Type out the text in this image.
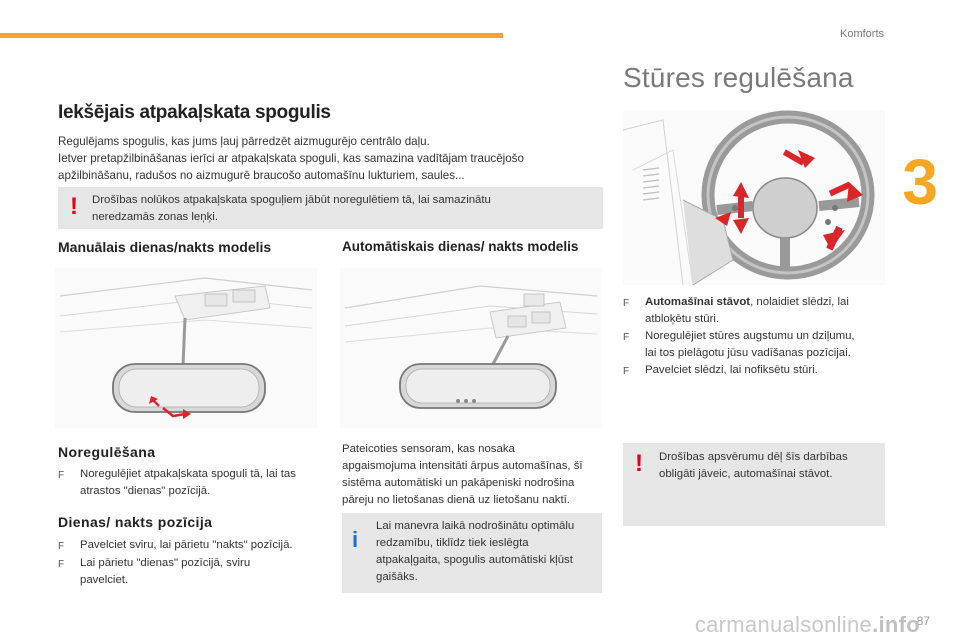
Komforts
3
Iekšējais atpakaļskata spogulis
Regulējams spogulis, kas jums ļauj pārredzēt aizmugurējo centrālo daļu.
Ietver pretapžilbināšanas ierīci ar atpakaļskata spoguli, kas samazina vadītājam traucējošo
apžilbināšanu, radušos no aizmugurē braucošo automašīnu lukturiem, saules...
! Drošības nolūkos atpakaļskata spoguļiem jābūt noregulētiem tā, lai samazinātu
neredzamās zonas leņķi.
Manuālais dienas/nakts modelis	Automātiskais dienas/ nakts modelis
Noregulēšana
F	Noregulējiet atpakaļskata spoguli tā, lai tas
atrastos "dienas" pozīcijā.
Dienas/ nakts pozīcija
F	Pavelciet sviru, lai pārietu "nakts" pozīcijā.
F	Lai pārietu "dienas" pozīcijā, sviru
pavelciet.
Pateicoties sensoram, kas nosaka
apgaismojuma intensitāti ārpus automašīnas, šī
sistēma automātiski un pakāpeniski nodrošina
pāreju no lietošanas dienā uz lietošanu naktī.
i
Lai manevra laikā nodrošinātu optimālu
redzamību, tiklīdz tiek ieslēgta
atpakaļgaita, spogulis automātiski kļūst
gaišāks.
Stūres regulēšana
F	Automašīnai stāvot, nolaidiet slēdzi, lai
atbloķētu stūri.
F	Noregulējiet stūres augstumu un dziļumu,
lai tos pielāgotu jūsu vadīšanas pozīcijai.
F	Pavelciet slēdzi, lai nofiksētu stūri.
! Drošības apsvērumu dēļ šīs darbības
obligāti jāveic, automašīnai stāvot.
87
carmanualsonline.info
